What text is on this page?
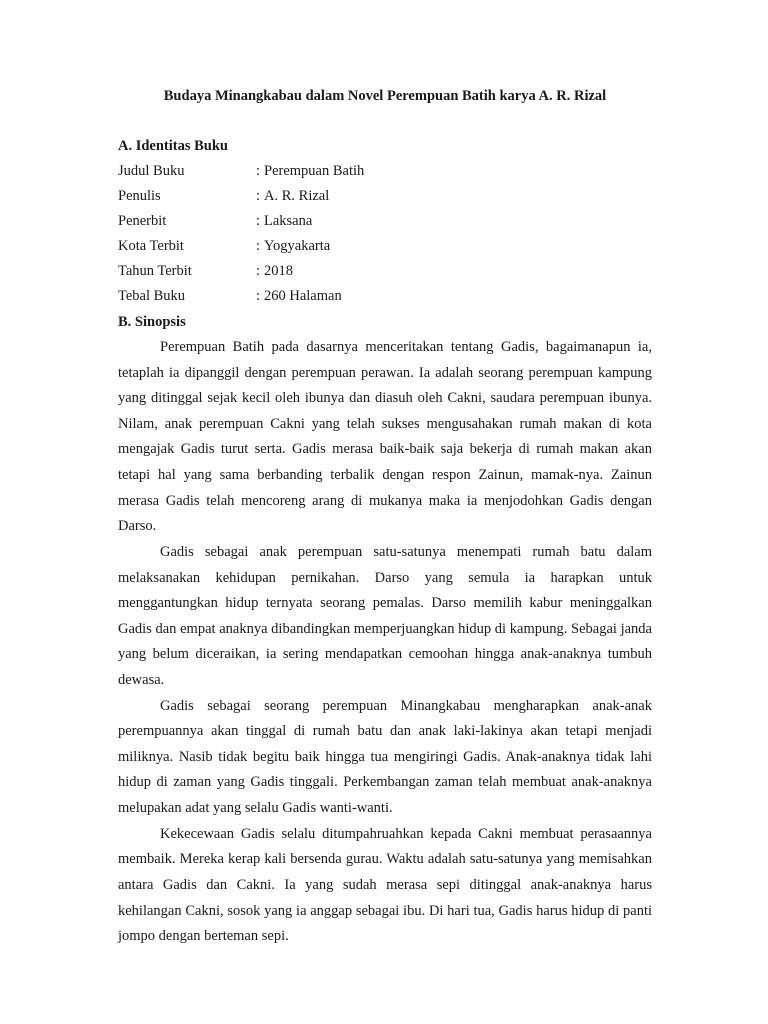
Budaya Minangkabau dalam Novel Perempuan Batih karya A. R. Rizal
A. Identitas Buku
Judul Buku	: Perempuan Batih
Penulis	: A. R. Rizal
Penerbit	: Laksana
Kota Terbit	: Yogyakarta
Tahun Terbit	: 2018
Tebal Buku	: 260 Halaman
B. Sinopsis

Perempuan Batih pada dasarnya menceritakan tentang Gadis, bagaimanapun ia, tetaplah ia dipanggil dengan perempuan perawan. Ia adalah seorang perempuan kampung yang ditinggal sejak kecil oleh ibunya dan diasuh oleh Cakni, saudara perempuan ibunya. Nilam, anak perempuan Cakni yang telah sukses mengusahakan rumah makan di kota mengajak Gadis turut serta. Gadis merasa baik-baik saja bekerja di rumah makan akan tetapi hal yang sama berbanding terbalik dengan respon Zainun, mamak-nya. Zainun merasa Gadis telah mencoreng arang di mukanya maka ia menjodohkan Gadis dengan Darso.

Gadis sebagai anak perempuan satu-satunya menempati rumah batu dalam melaksanakan kehidupan pernikahan. Darso yang semula ia harapkan untuk menggantungkan hidup ternyata seorang pemalas. Darso memilih kabur meninggalkan Gadis dan empat anaknya dibandingkan memperjuangkan hidup di kampung. Sebagai janda yang belum diceraikan, ia sering mendapatkan cemoohan hingga anak-anaknya tumbuh dewasa.

Gadis sebagai seorang perempuan Minangkabau mengharapkan anak-anak perempuannya akan tinggal di rumah batu dan anak laki-lakinya akan tetapi menjadi miliknya. Nasib tidak begitu baik hingga tua mengiringi Gadis. Anak-anaknya tidak lahi hidup di zaman yang Gadis tinggali. Perkembangan zaman telah membuat anak-anaknya melupakan adat yang selalu Gadis wanti-wanti.

Kekecewaan Gadis selalu ditumpahruahkan kepada Cakni membuat perasaannya membaik. Mereka kerap kali bersenda gurau. Waktu adalah satu-satunya yang memisahkan antara Gadis dan Cakni. Ia yang sudah merasa sepi ditinggal anak-anaknya harus kehilangan Cakni, sosok yang ia anggap sebagai ibu. Di hari tua, Gadis harus hidup di panti jompo dengan berteman sepi.
